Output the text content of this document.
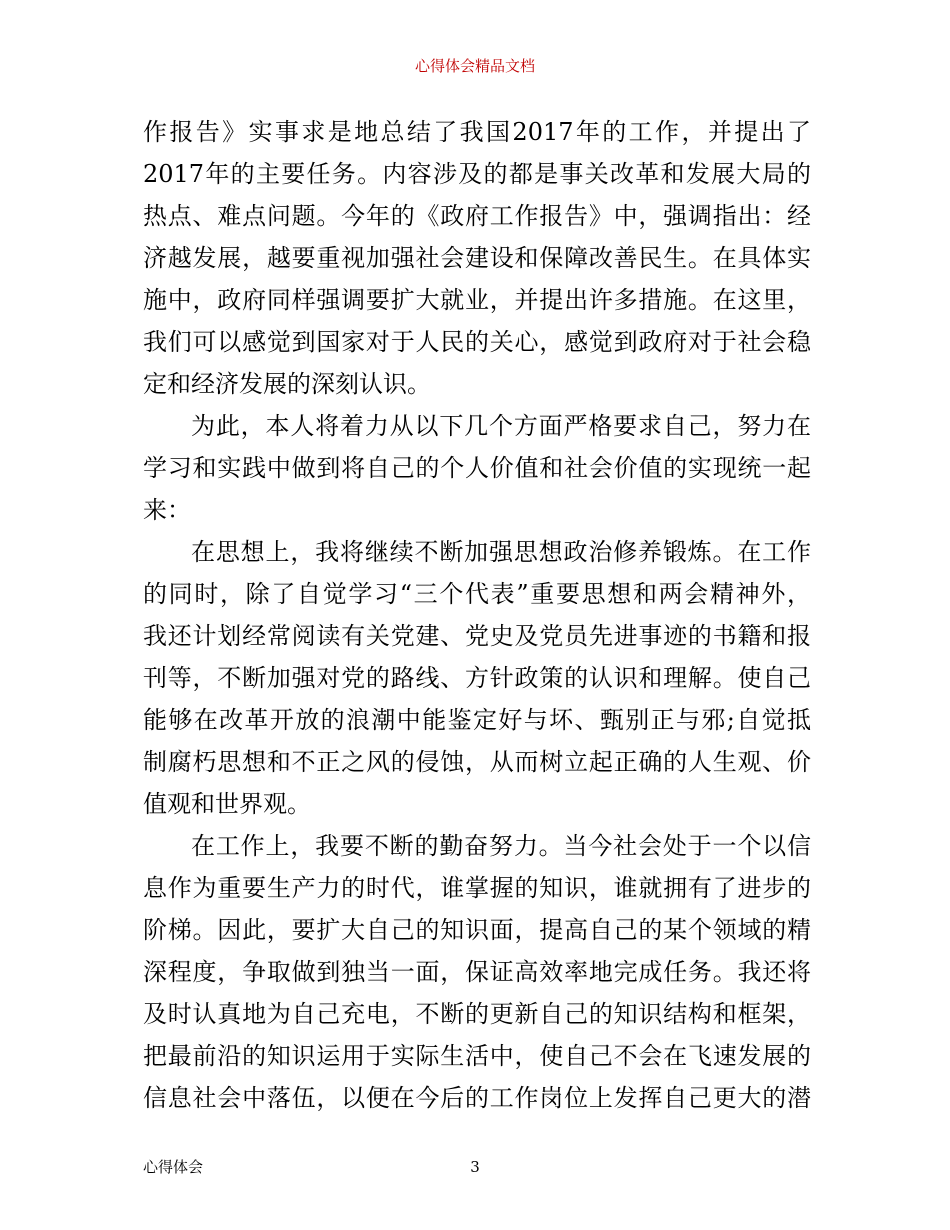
心得体会精品文档
作报告》实事求是地总结了我国2017年的工作，并提出了
2017年的主要任务。内容涉及的都是事关改革和发展大局的
热点、难点问题。今年的《政府工作报告》中，强调指出：经
济越发展，越要重视加强社会建设和保障改善民生。在具体实
施中，政府同样强调要扩大就业，并提出许多措施。在这里，
我们可以感觉到国家对于人民的关心，感觉到政府对于社会稳
定和经济发展的深刻认识。
为此，本人将着力从以下几个方面严格要求自己，努力在
学习和实践中做到将自己的个人价值和社会价值的实现统一起
来：
在思想上，我将继续不断加强思想政治修养锻炼。在工作
的同时，除了自觉学习“三个代表”重要思想和两会精神外，
我还计划经常阅读有关党建、党史及党员先进事迹的书籍和报
刊等，不断加强对党的路线、方针政策的认识和理解。使自己
能够在改革开放的浪潮中能鉴定好与坏、甄别正与邪;自觉抵
制腐朽思想和不正之风的侵蚀，从而树立起正确的人生观、价
值观和世界观。
在工作上，我要不断的勤奋努力。当今社会处于一个以信
息作为重要生产力的时代，谁掌握的知识，谁就拥有了进步的
阶梯。因此，要扩大自己的知识面，提高自己的某个领域的精
深程度，争取做到独当一面，保证高效率地完成任务。我还将
及时认真地为自己充电，不断的更新自己的知识结构和框架，
把最前沿的知识运用于实际生活中，使自己不会在飞速发展的
信息社会中落伍，以便在今后的工作岗位上发挥自己更大的潜
心得体会	3
